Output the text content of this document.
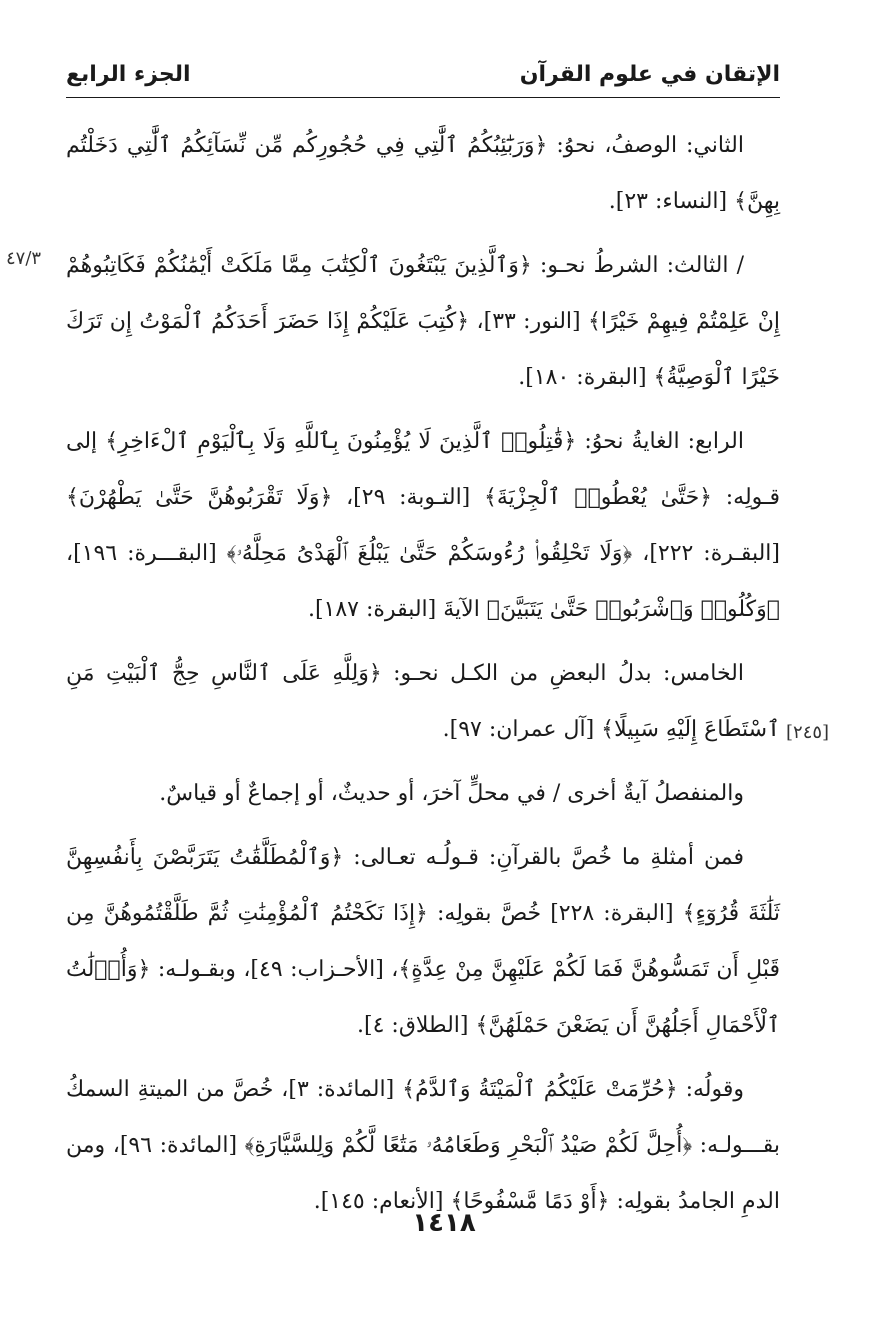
الإتقان في علوم القرآن
الجزء الرابع
٤٧/٣
[٢٤٥]

الثاني: الوصفُ، نحوُ: ﴿وَرَبَٰٓئِبُكُمُ ٱلَّٰتِي فِي حُجُورِكُم مِّن نِّسَآئِكُمُ ٱلَّٰتِي دَخَلْتُم بِهِنَّ﴾ [النساء: ٢٣].

/ الثالث: الشرطُ نحـو: ﴿وَٱلَّذِينَ يَبْتَغُونَ ٱلْكِتَٰبَ مِمَّا مَلَكَتْ أَيْمَٰنُكُمْ فَكَاتِبُوهُمْ إِنْ عَلِمْتُمْ فِيهِمْ خَيْرًا﴾ [النور: ٣٣]، ﴿كُتِبَ عَلَيْكُمْ إِذَا حَضَرَ أَحَدَكُمُ ٱلْمَوْتُ إِن تَرَكَ خَيْرًا ٱلْوَصِيَّةُ﴾ [البقرة: ١٨٠].

الرابع: الغايةُ نحوُ: ﴿قَٰتِلُوا۟ ٱلَّذِينَ لَا يُؤْمِنُونَ بِٱللَّهِ وَلَا بِٱلْيَوْمِ ٱلْءَاخِرِ﴾ إلى قـولِه: ﴿حَتَّىٰ يُعْطُوا۟ ٱلْجِزْيَةَ﴾ [التـوبة: ٢٩]، ﴿وَلَا تَقْرَبُوهُنَّ حَتَّىٰ يَطْهُرْنَ﴾ [البقـرة: ٢٢٢]، ﴿وَلَا تَحْلِقُوا۟ رُءُوسَكُمْ حَتَّىٰ يَبْلُغَ ٱلْهَدْىُ مَحِلَّهُۥ﴾ [البقـــرة: ١٩٦]، ﴿وَكُلُوا۟ وَٱشْرَبُوا۟ حَتَّىٰ يَتَبَيَّنَ﴾ الآيةَ [البقرة: ١٨٧].

الخامس: بدلُ البعضِ من الكـل نحـو: ﴿وَلِلَّهِ عَلَى ٱلنَّاسِ حِجُّ ٱلْبَيْتِ مَنِ ٱسْتَطَاعَ إِلَيْهِ سَبِيلًا﴾ [آل عمران: ٩٧].

والمنفصلُ آيةٌ أخرى / في محلٍّ آخرَ، أو حديثٌ، أو إجماعٌ أو قياسٌ.

فمن أمثلةِ ما خُصَّ بالقرآنِ: قـولُـه تعـالى: ﴿وَٱلْمُطَلَّقَٰتُ يَتَرَبَّصْنَ بِأَنفُسِهِنَّ ثَلَٰثَةَ قُرُوٓءٍ﴾ [البقرة: ٢٢٨] خُصَّ بقولِه: ﴿إِذَا نَكَحْتُمُ ٱلْمُؤْمِنَٰتِ ثُمَّ طَلَّقْتُمُوهُنَّ مِن قَبْلِ أَن تَمَسُّوهُنَّ فَمَا لَكُمْ عَلَيْهِنَّ مِنْ عِدَّةٍ﴾، [الأحـزاب: ٤٩]، وبقـولـه: ﴿وَأُو۟لَٰتُ ٱلْأَحْمَالِ أَجَلُهُنَّ أَن يَضَعْنَ حَمْلَهُنَّ﴾ [الطلاق: ٤].

وقولُه: ﴿حُرِّمَتْ عَلَيْكُمُ ٱلْمَيْتَةُ وَٱلدَّمُ﴾ [المائدة: ٣]، خُصَّ من الميتةِ السمكُ بقـــولـه: ﴿أُحِلَّ لَكُمْ صَيْدُ ٱلْبَحْرِ وَطَعَامُهُۥ مَتَٰعًا لَّكُمْ وَلِلسَّيَّارَةِ﴾ [المائدة: ٩٦]، ومن الدمِ الجامدُ بقولِه: ﴿أَوْ دَمًا مَّسْفُوحًا﴾ [الأنعام: ١٤٥].

١٤١٨
